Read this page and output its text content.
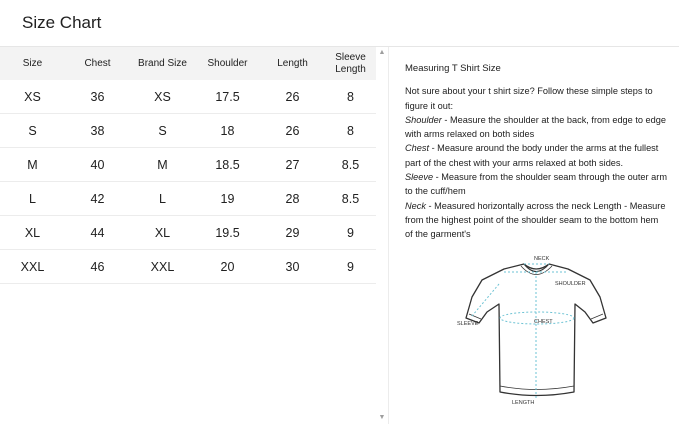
Size Chart
Size	Chest	Brand Size	Shoulder	Length	Sleeve Length
XS	36	XS	17.5	26	8
S	38	S	18	26	8
M	40	M	18.5	27	8.5
L	42	L	19	28	8.5
XL	44	XL	19.5	29	9
XXL	46	XXL	20	30	9
▲
▼
Measuring T Shirt Size

Not sure about your t shirt size? Follow these simple steps to figure it out:

Shoulder - Measure the shoulder at the back, from edge to edge with arms relaxed on both sides

Chest - Measure around the body under the arms at the fullest part of the chest with your arms relaxed at both sides.

Sleeve - Measure from the shoulder seam through the outer arm to the cuff/hem

Neck - Measured horizontally across the neck Length - Measure from the highest point of the shoulder seam to the bottom hem of the garment's

NECK
SHOULDER
CHEST
SLEEVE
LENGTH
